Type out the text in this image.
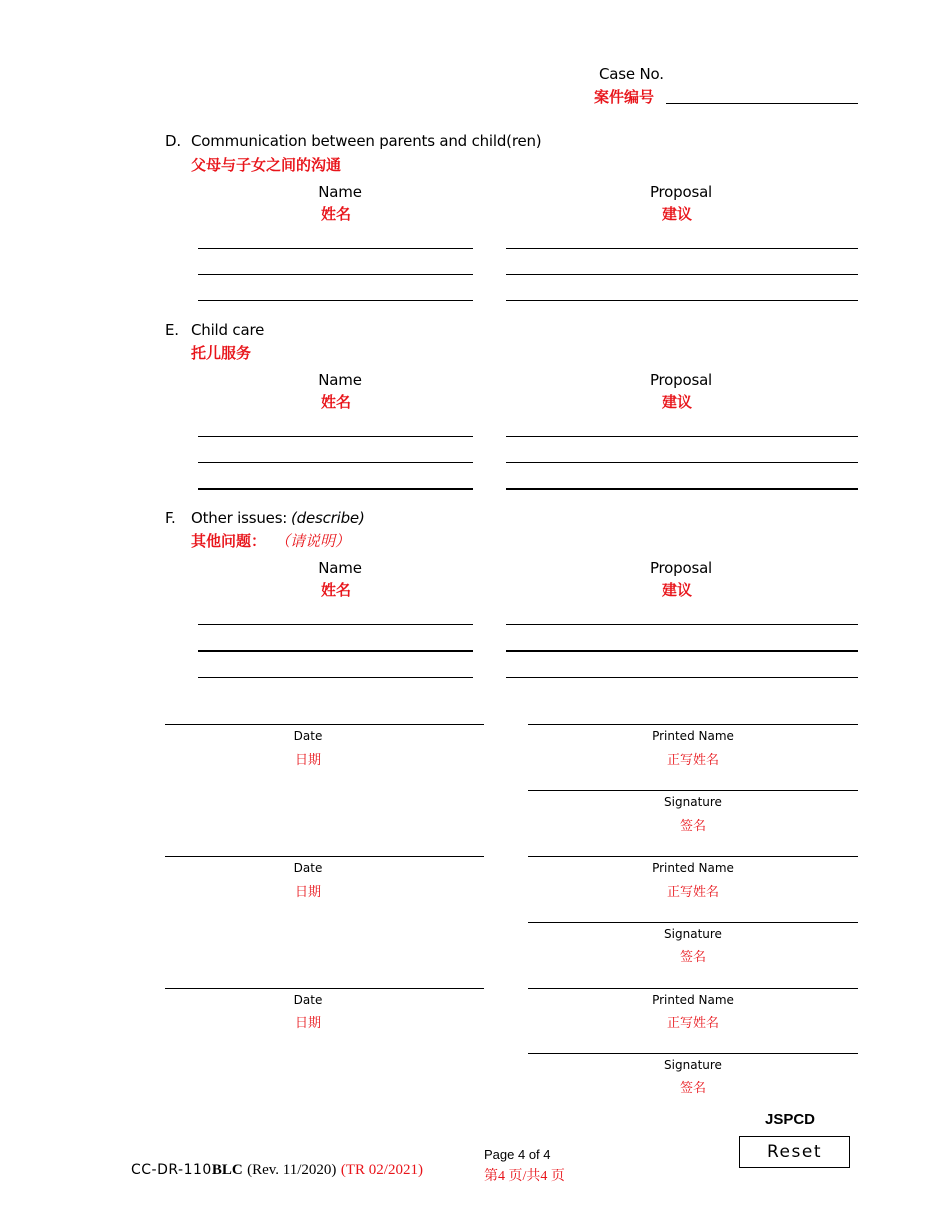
Case No.
案件编号
D. Communication between parents and child(ren)
父母与子女之间的沟通
Name
姓名
Proposal
建议
E. Child care
托儿服务
Name
姓名
Proposal
建议
F. Other issues: (describe)
其他问题： （请说明）
Name
姓名
Proposal
建议
Date
日期
Printed Name
正写姓名
Signature
签名
Date
日期
Printed Name
正写姓名
Signature
签名
Date
日期
Printed Name
正写姓名
Signature
签名
CC-DR-110BLC (Rev. 11/2020) (TR 02/2021)
Page 4 of 4
第4 页/共4 页
JSPCD
Reset
